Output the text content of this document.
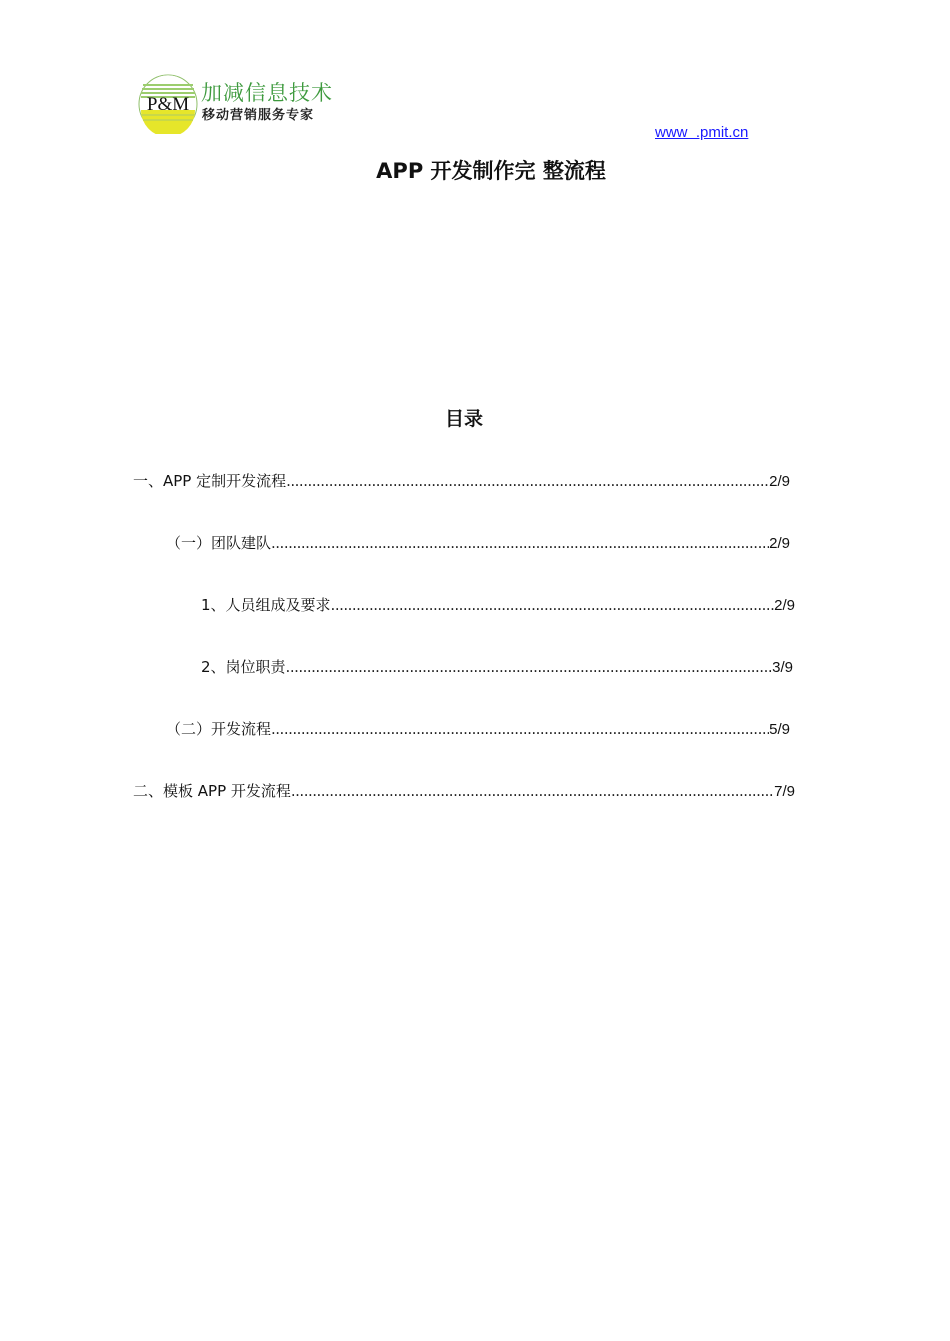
P&M 加减信息技术
移动营销服务专家
www  .pmit.cn
APP 开发制作完 整流程
目录
一、APP 定制开发流程 .....	2/9
（一）团队建队 .....	2/9
1、人员组成及要求 .....	2/9
2、岗位职责 .....	3/9
（二）开发流程 .....	5/9
二、模板 APP 开发流程 .....	7/9
